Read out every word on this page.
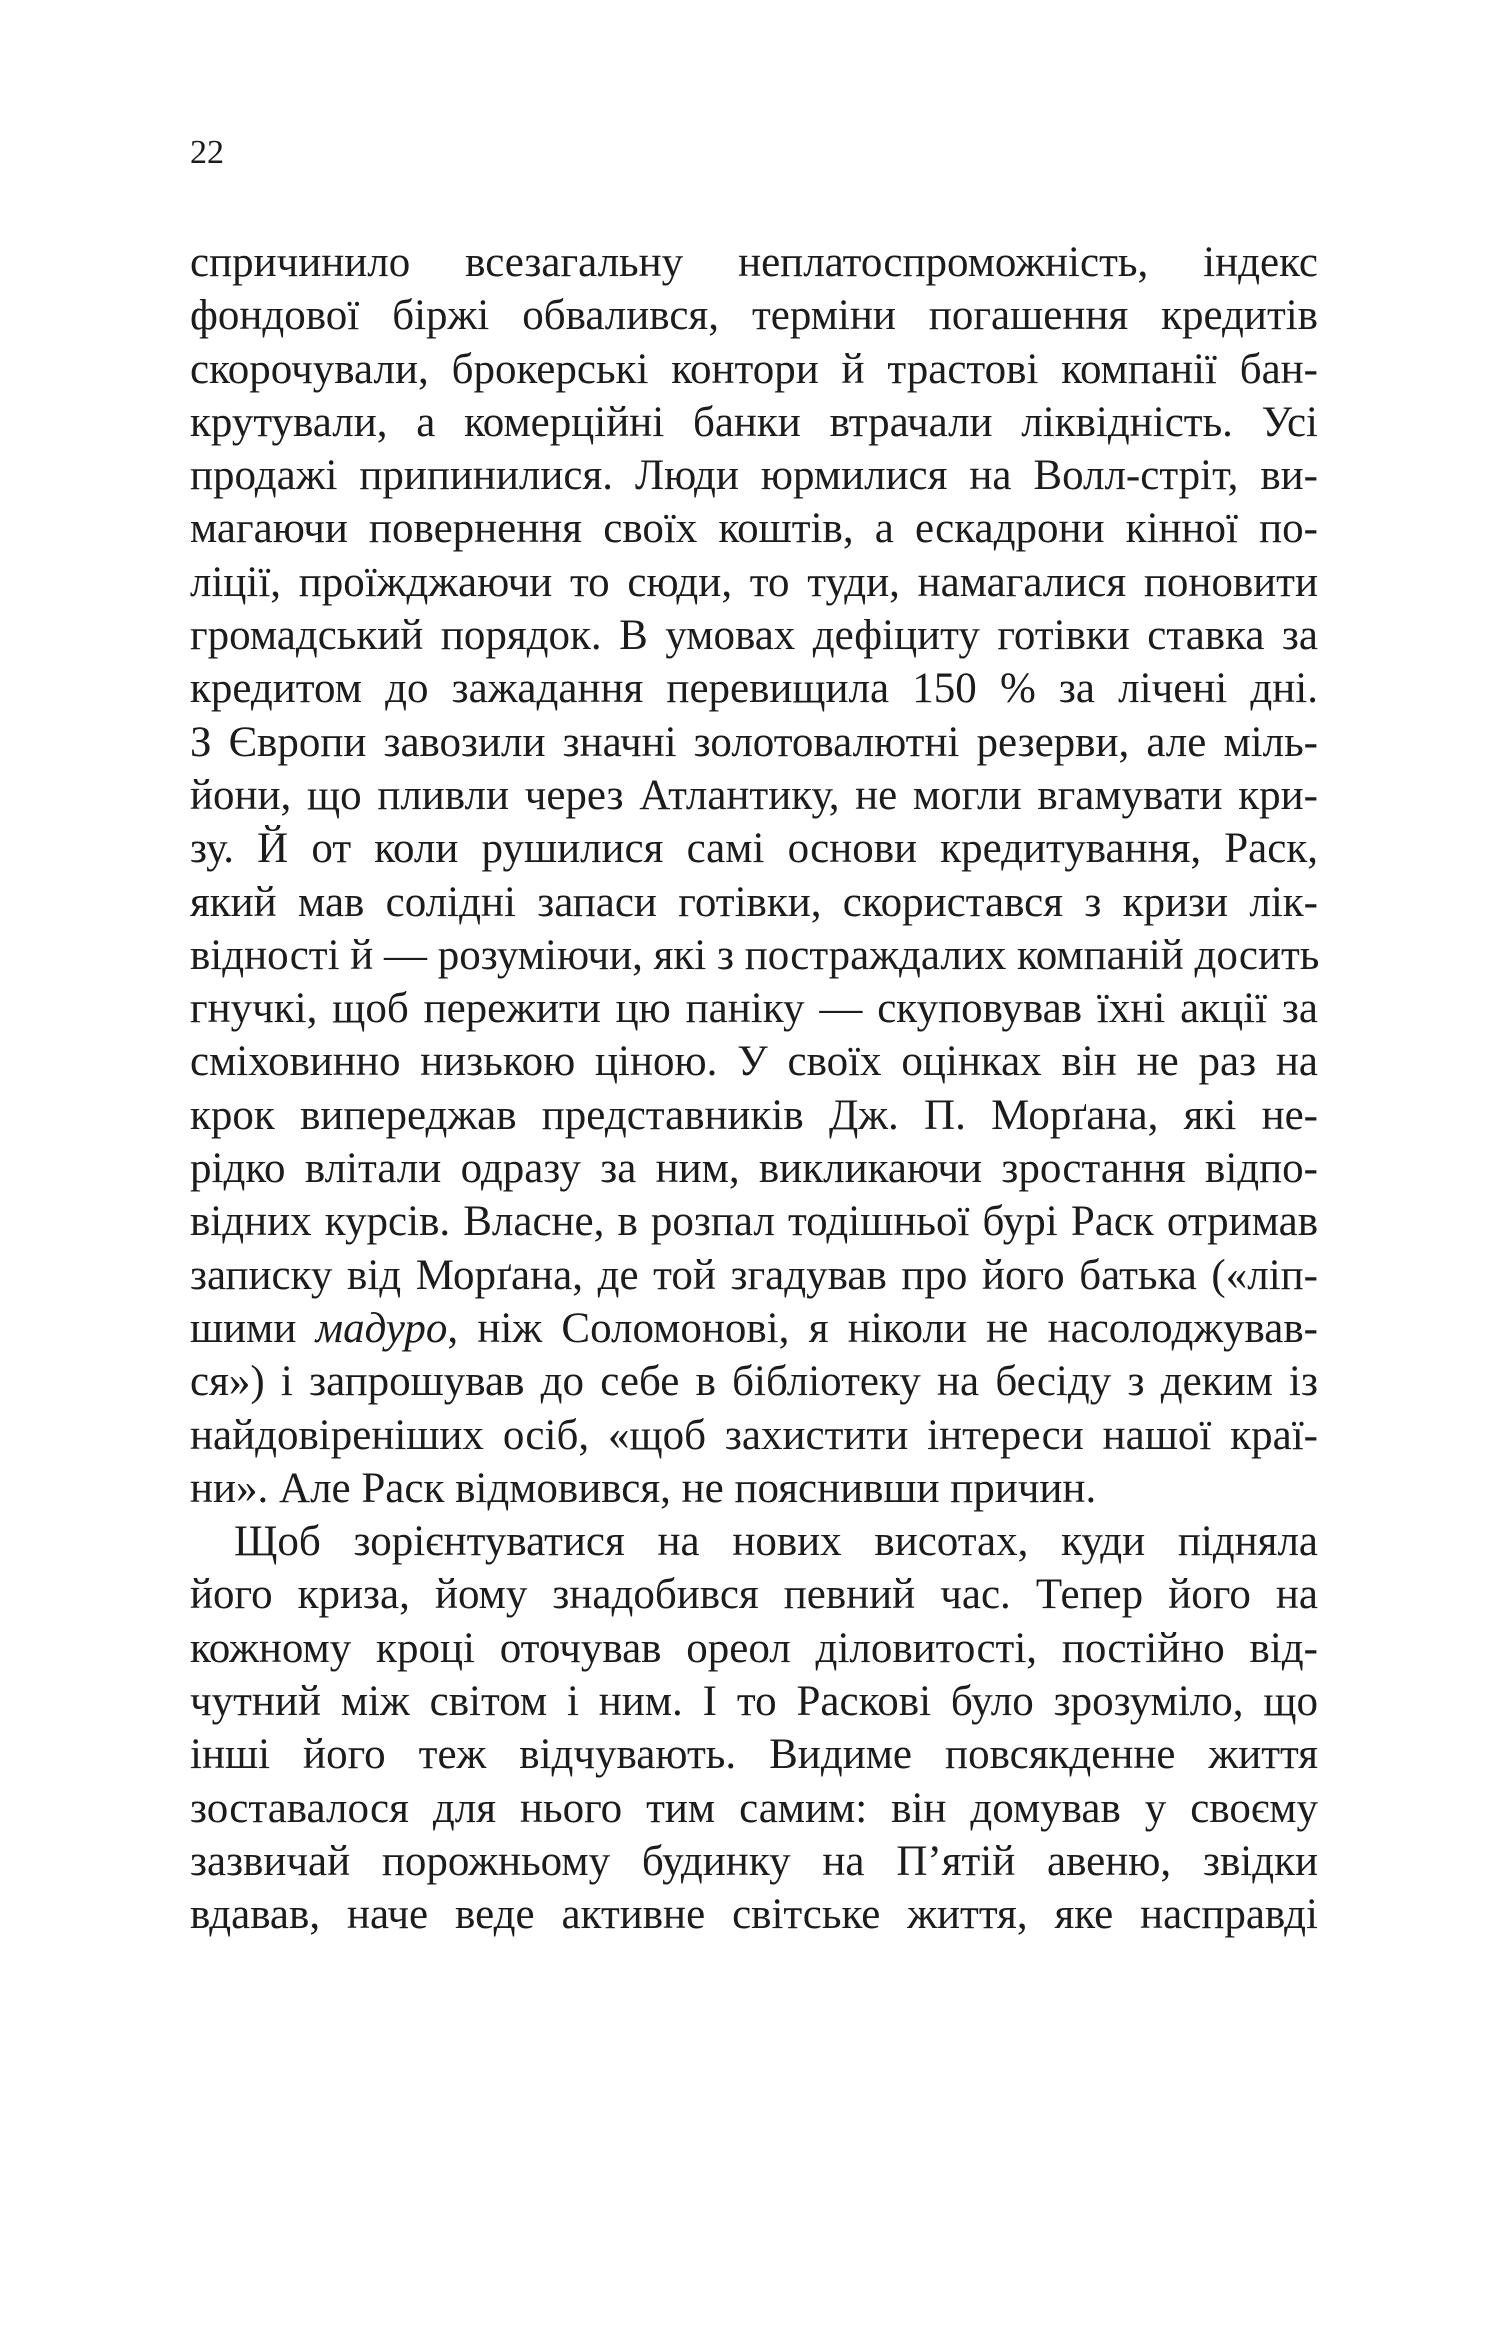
22
спричинило всезагальну неплатоспроможність, індекс
фондової біржі обвалився, терміни погашення кредитів
скорочували, брокерські контори й трастові компанії бан-
крутували, а комерційні банки втрачали ліквідність. Усі
продажі припинилися. Люди юрмилися на Волл-стріт, ви-
магаючи повернення своїх коштів, а ескадрони кінної по-
ліції, проїжджаючи то сюди, то туди, намагалися поновити
громадський порядок. В умовах дефіциту готівки ставка за
кредитом до зажадання перевищила 150 % за лічені дні.
З Європи завозили значні золотовалютні резерви, але міль-
йони, що пливли через Атлантику, не могли вгамувати кри-
зу. Й от коли рушилися самі основи кредитування, Раск,
який мав солідні запаси готівки, скористався з кризи лік-
відності й — розуміючи, які з постраждалих компаній досить
гнучкі, щоб пережити цю паніку — скуповував їхні акції за
сміховинно низькою ціною. У своїх оцінках він не раз на
крок випереджав представників Дж. П. Морґана, які не-
рідко влітали одразу за ним, викликаючи зростання відпо-
відних курсів. Власне, в розпал тодішньої бурі Раск отримав
записку від Морґана, де той згадував про його батька («ліп-
шими мадуро, ніж Соломонові, я ніколи не насолоджував-
ся») і запрошував до себе в бібліотеку на бесіду з деким із
найдовіреніших осіб, «щоб захистити інтереси нашої краї-
ни». Але Раск відмовився, не пояснивши причин.
Щоб зорієнтуватися на нових висотах, куди підняла
його криза, йому знадобився певний час. Тепер його на
кожному кроці оточував ореол діловитості, постійно від-
чутний між світом і ним. І то Раскові було зрозуміло, що
інші його теж відчувають. Видиме повсякденне життя
зоставалося для нього тим самим: він домував у своєму
зазвичай порожньому будинку на П’ятій авеню, звідки
вдавав, наче веде активне світське життя, яке насправді
